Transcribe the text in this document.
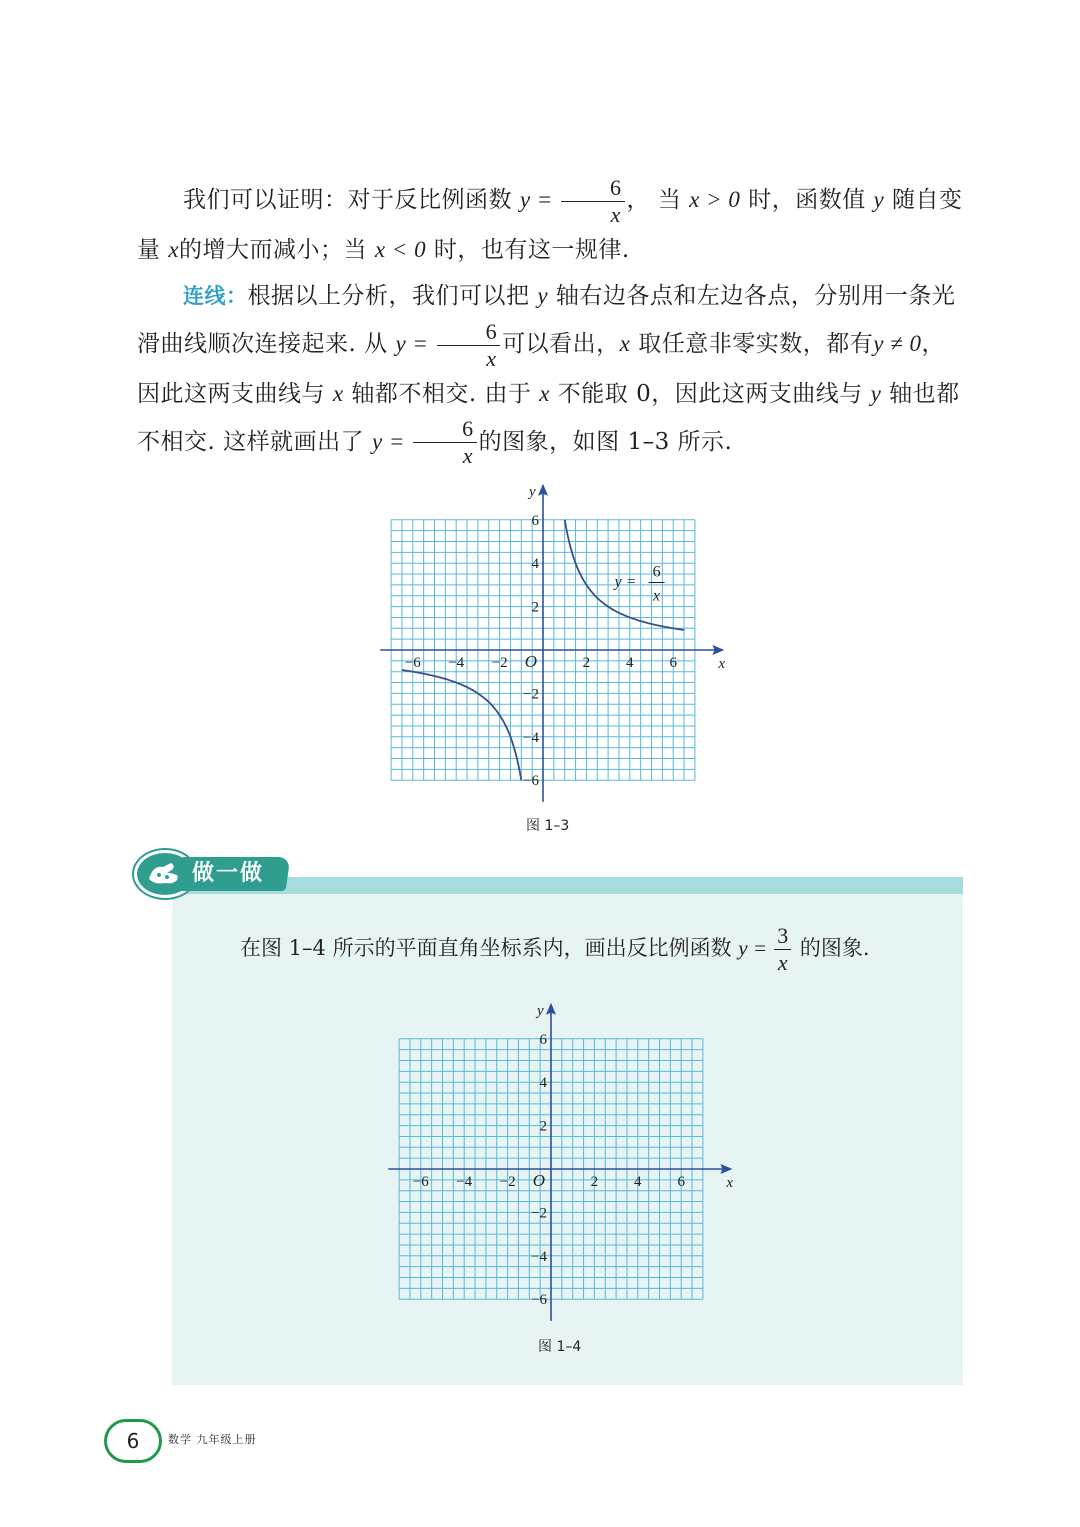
我们可以证明：对于反比例函数 $y = \frac{6}{x}$ ， 当 x > 0 时，函数值 y 随自变量 x的增大而减小；当 x < 0 时，也有这一规律.

连线：根据以上分析，我们可以把 y 轴右边各点和左边各点，分别用一条光滑曲线顺次连接起来. 从 $y = \frac{6}{x}$ 可以看出，x 取任意非零实数，都有y ≠ 0，因此这两支曲线与 x 轴都不相交. 由于 x 不能取 0，因此这两支曲线与 y 轴也都不相交. 这样就画出了 $y = \frac{6}{x}$ 的图象，如图 1–3 所示.

−6 −4 −2	2 4 6
6
4
2
−2
−4
−6
O	x
y
y =
6
x

图 1–3

做一做

在图 1–4 所示的平面直角坐标系内，画出反比例函数 $y = \frac{3}{x}$ 的图象.

−6 −4 −2	2 4 6
6
4
2
−2
−4
−6
O	x
y

图 1–4

6	数学 九年级上册
